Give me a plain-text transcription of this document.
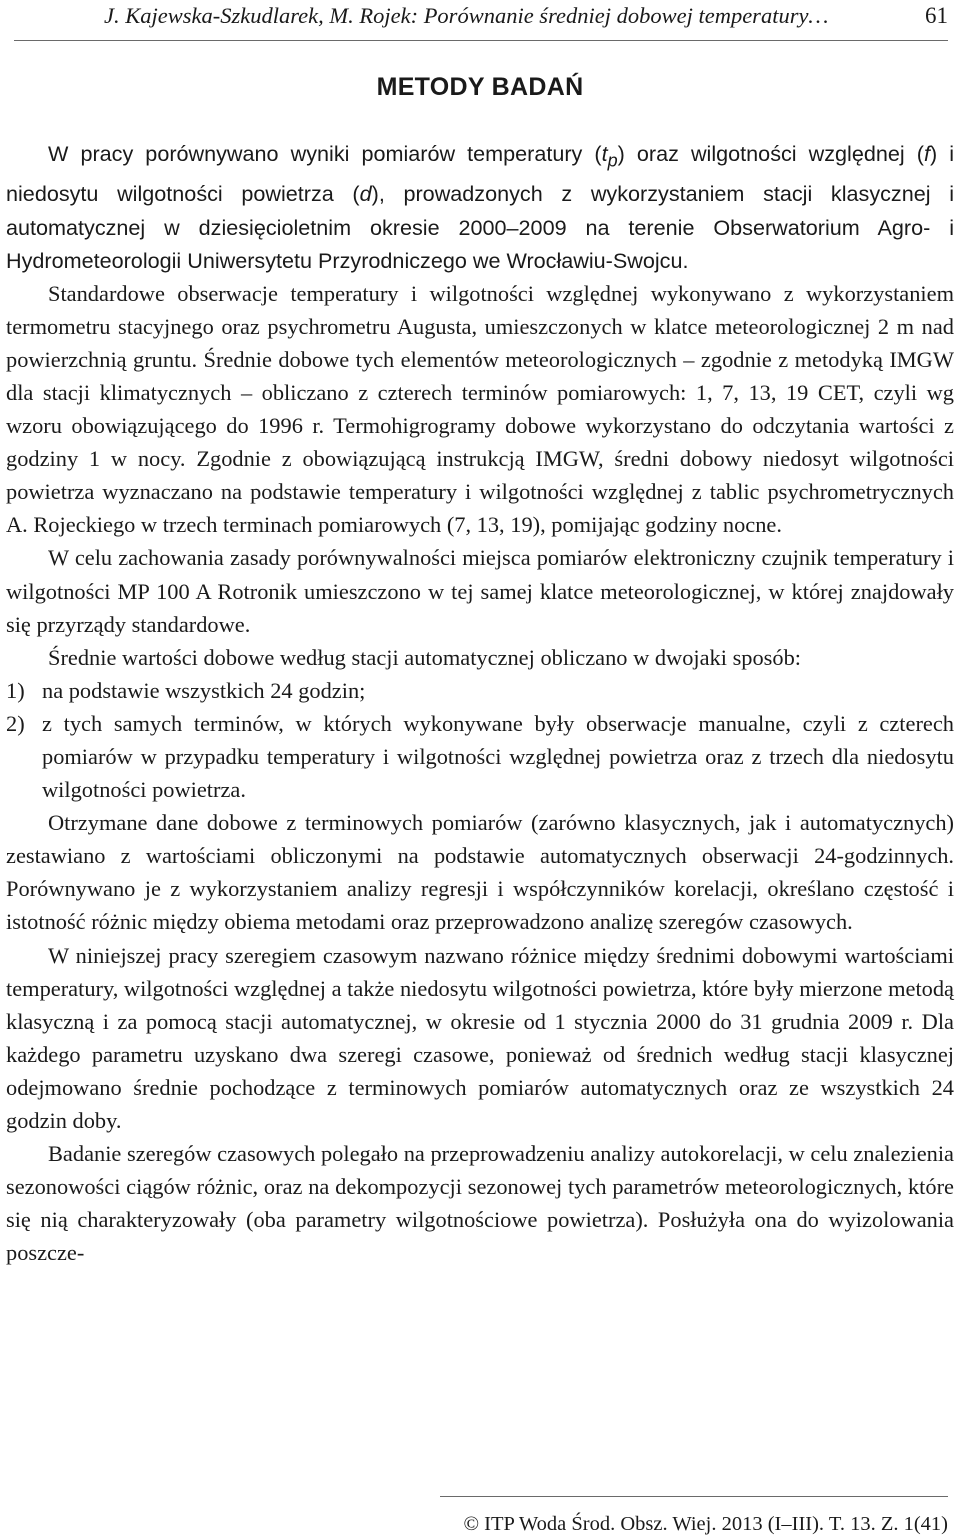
J. Kajewska-Szkudlarek, M. Rojek: Porównanie średniej dobowej temperatury…	61
METODY BADAŃ

W pracy porównywano wyniki pomiarów temperatury $(t_p)$ oraz wilgotności względnej (f) i niedosytu wilgotności powietrza (d), prowadzonych z wykorzystaniem stacji klasycznej i automatycznej w dziesięcioletnim okresie 2000–2009 na terenie Obserwatorium Agro- i Hydrometeorologii Uniwersytetu Przyrodniczego we Wrocławiu-Swojcu.

Standardowe obserwacje temperatury i wilgotności względnej wykonywano z wykorzystaniem termometru stacyjnego oraz psychrometru Augusta, umieszczonych w klatce meteorologicznej 2 m nad powierzchnią gruntu. Średnie dobowe tych elementów meteorologicznych – zgodnie z metodyką IMGW dla stacji klimatycznych – obliczano z czterech terminów pomiarowych: 1, 7, 13, 19 CET, czyli wg wzoru obowiązującego do 1996 r. Termohigrogramy dobowe wykorzystano do odczytania wartości z godziny 1 w nocy. Zgodnie z obowiązującą instrukcją IMGW, średni dobowy niedosyt wilgotności powietrza wyznaczano na podstawie temperatury i wilgotności względnej z tablic psychrometrycznych A. Rojeckiego w trzech terminach pomiarowych (7, 13, 19), pomijając godziny nocne.

W celu zachowania zasady porównywalności miejsca pomiarów elektroniczny czujnik temperatury i wilgotności MP 100 A Rotronik umieszczono w tej samej klatce meteorologicznej, w której znajdowały się przyrządy standardowe.

Średnie wartości dobowe według stacji automatycznej obliczano w dwojaki sposób:

1) na podstawie wszystkich 24 godzin;

2) z tych samych terminów, w których wykonywane były obserwacje manualne, czyli z czterech pomiarów w przypadku temperatury i wilgotności względnej powietrza oraz z trzech dla niedosytu wilgotności powietrza.

Otrzymane dane dobowe z terminowych pomiarów (zarówno klasycznych, jak i automatycznych) zestawiano z wartościami obliczonymi na podstawie automatycznych obserwacji 24-godzinnych. Porównywano je z wykorzystaniem analizy regresji i współczynników korelacji, określano częstość i istotność różnic między obiema metodami oraz przeprowadzono analizę szeregów czasowych.

W niniejszej pracy szeregiem czasowym nazwano różnice między średnimi dobowymi wartościami temperatury, wilgotności względnej a także niedosytu wilgotności powietrza, które były mierzone metodą klasyczną i za pomocą stacji automatycznej, w okresie od 1 stycznia 2000 do 31 grudnia 2009 r. Dla każdego parametru uzyskano dwa szeregi czasowe, ponieważ od średnich według stacji klasycznej odejmowano średnie pochodzące z terminowych pomiarów automatycznych oraz ze wszystkich 24 godzin doby.

Badanie szeregów czasowych polegało na przeprowadzeniu analizy autokorelacji, w celu znalezienia sezonowości ciągów różnic, oraz na dekompozycji sezonowej tych parametrów meteorologicznych, które się nią charakteryzowały (oba parametry wilgotnościowe powietrza). Posłużyła ona do wyizolowania poszcze-

© ITP Woda Środ. Obsz. Wiej. 2013 (I–III). T. 13. Z. 1(41)
